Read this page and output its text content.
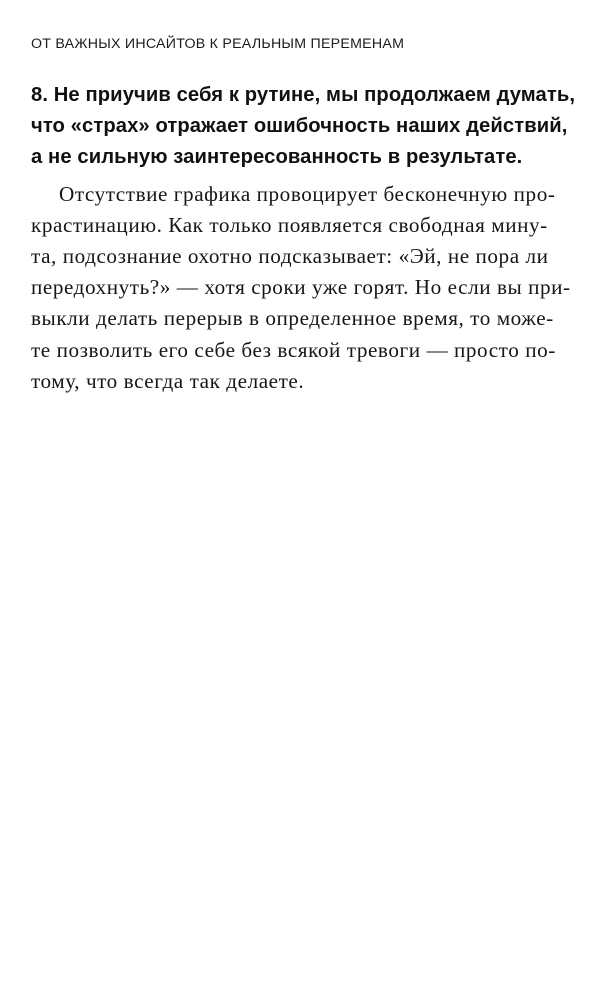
ОТ ВАЖНЫХ ИНСАЙТОВ К РЕАЛЬНЫМ ПЕРЕМЕНАМ
8. Не приучив себя к рутине, мы продолжаем думать,
что «страх» отражает ошибочность наших действий,
а не сильную заинтересованность в результате.
Отсутствие графика провоцирует бесконечную про-
крастинацию. Как только появляется свободная мину-
та, подсознание охотно подсказывает: «Эй, не пора ли
передохнуть?» — хотя сроки уже горят. Но если вы при-
выкли делать перерыв в определенное время, то може-
те позволить его себе без всякой тревоги — просто по-
тому, что всегда так делаете.
